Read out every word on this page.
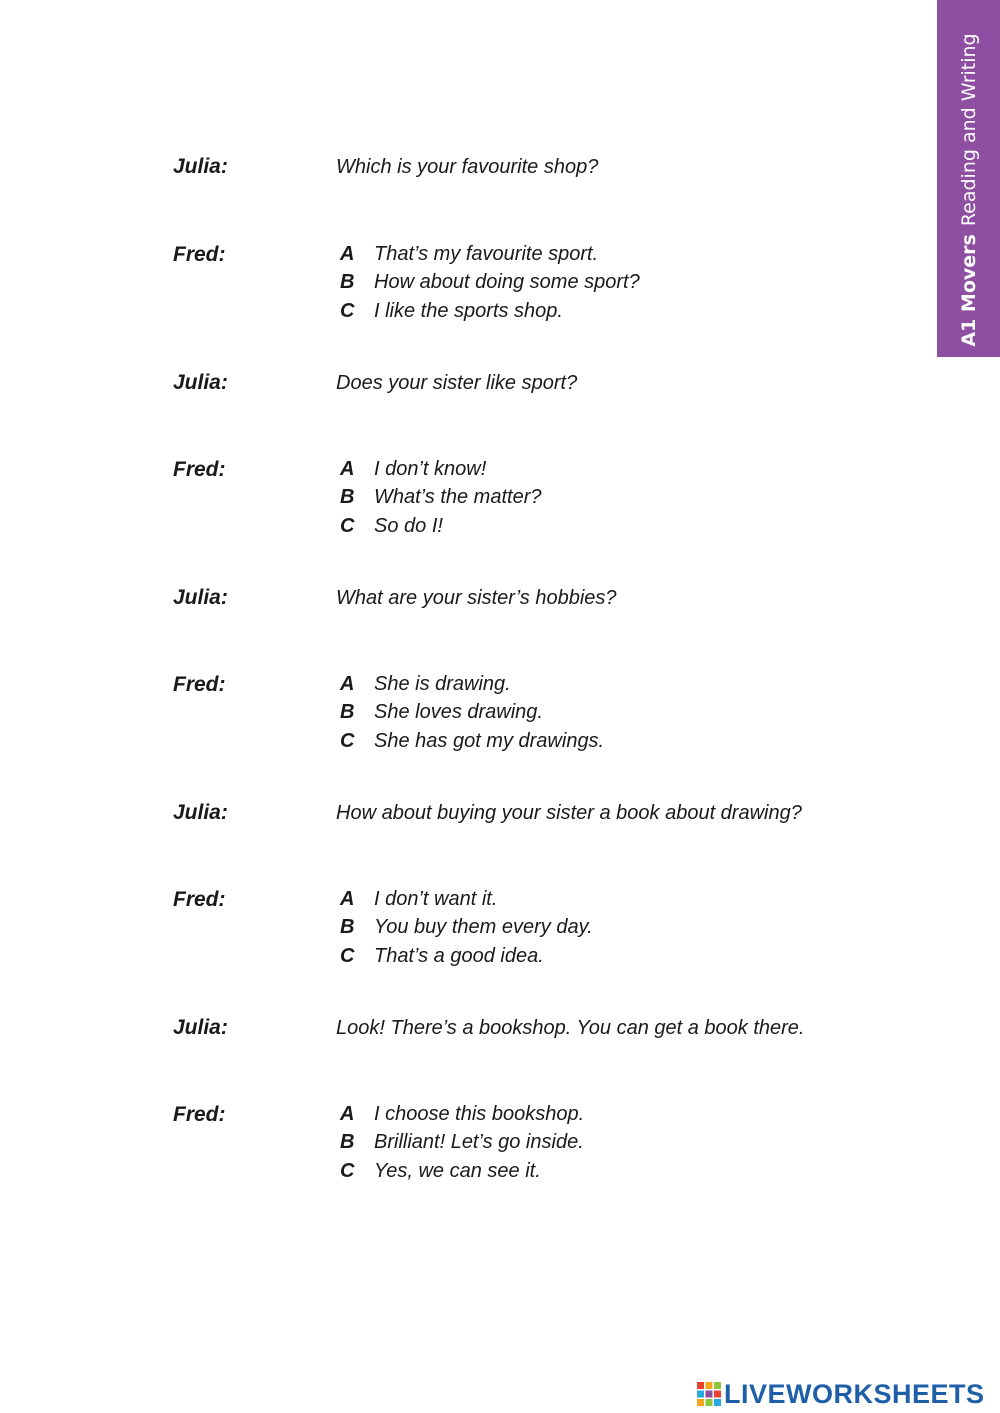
A1 MoversReading and Writing
Julia:	Which is your favourite shop?
Fred:	A That’s my favourite sport.
B How about doing some sport?
C I like the sports shop.
Julia:	Does your sister like sport?
Fred:	A I don’t know!
B What’s the matter?
C So do I!
Julia:	What are your sister’s hobbies?
Fred:	A She is drawing.
B She loves drawing.
C She has got my drawings.
Julia:	How about buying your sister a book about drawing?
Fred:	A I don’t want it.
B You buy them every day.
C That’s a good idea.
Julia:	Look! There’s a bookshop. You can get a book there.
Fred:	A I choose this bookshop.
B Brilliant! Let’s go inside.
C Yes, we can see it.
LIVEWORKSHEETS
